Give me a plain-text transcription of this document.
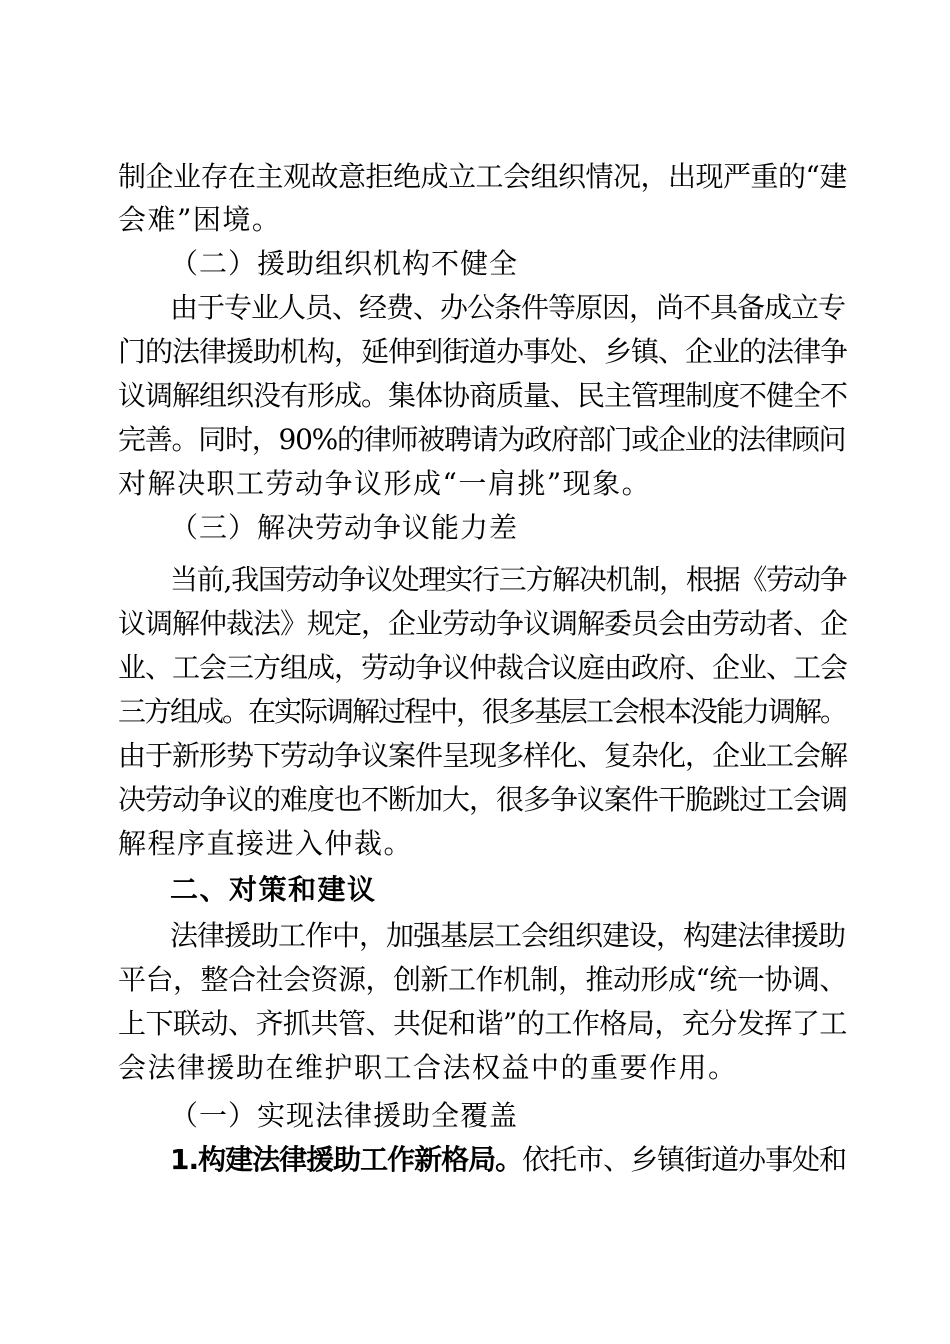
制企业存在主观故意拒绝成立工会组织情况，出现严重的“建
会难”困境。
（二）援助组织机构不健全
由于专业人员、经费、办公条件等原因，尚不具备成立专
门的法律援助机构，延伸到街道办事处、乡镇、企业的法律争
议调解组织没有形成。集体协商质量、民主管理制度不健全不
完善。同时，90%的律师被聘请为政府部门或企业的法律顾问
对解决职工劳动争议形成“一肩挑”现象。
（三）解决劳动争议能力差
当前,我国劳动争议处理实行三方解决机制，根据《劳动争
议调解仲裁法》规定，企业劳动争议调解委员会由劳动者、企
业、工会三方组成，劳动争议仲裁合议庭由政府、企业、工会
三方组成。在实际调解过程中，很多基层工会根本没能力调解。
由于新形势下劳动争议案件呈现多样化、复杂化，企业工会解
决劳动争议的难度也不断加大，很多争议案件干脆跳过工会调
解程序直接进入仲裁。
二、对策和建议
法律援助工作中，加强基层工会组织建设，构建法律援助
平台，整合社会资源，创新工作机制，推动形成“统一协调、
上下联动、齐抓共管、共促和谐”的工作格局，充分发挥了工
会法律援助在维护职工合法权益中的重要作用。
（一）实现法律援助全覆盖
1.构建法律援助工作新格局。依托市、乡镇街道办事处和
